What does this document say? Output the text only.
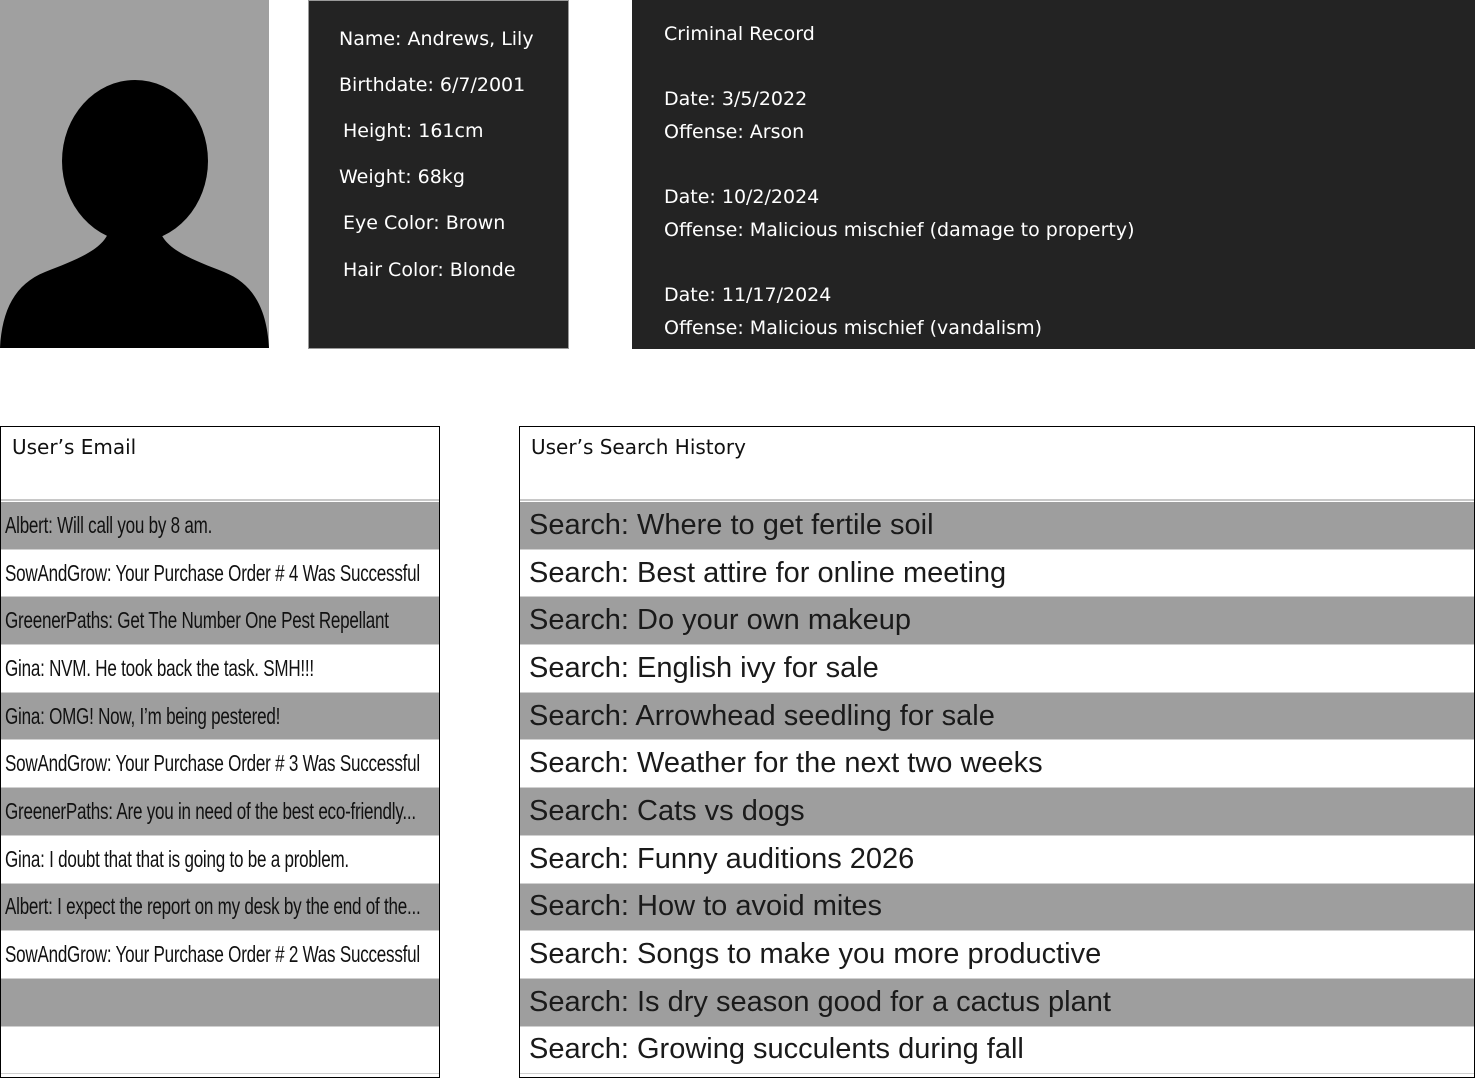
Name: Andrews, Lily
Birthdate: 6/7/2001
Height: 161cm
Weight: 68kg
Eye Color: Brown
Hair Color: Blonde
Criminal Record
Date: 3/5/2022
Offense: Arson
Date: 10/2/2024
Offense: Malicious mischief (damage to property)
Date: 11/17/2024
Offense: Malicious mischief (vandalism)
User’s Email
Albert: Will call you by 8 am.
SowAndGrow: Your Purchase Order # 4 Was Successful
GreenerPaths: Get The Number One Pest Repellant
Gina: NVM. He took back the task. SMH!!!
Gina: OMG! Now, I’m being pestered!
SowAndGrow: Your Purchase Order # 3 Was Successful
GreenerPaths: Are you in need of the best eco-friendly...
Gina: I doubt that that is going to be a problem.
Albert: I expect the report on my desk by the end of the...
SowAndGrow: Your Purchase Order # 2 Was Successful
User’s Search History
Search: Where to get fertile soil
Search: Best attire for online meeting
Search: Do your own makeup
Search: English ivy for sale
Search: Arrowhead seedling for sale
Search: Weather for the next two weeks
Search: Cats vs dogs
Search: Funny auditions 2026
Search: How to avoid mites
Search: Songs to make you more productive
Search: Is dry season good for a cactus plant
Search: Growing succulents during fall
